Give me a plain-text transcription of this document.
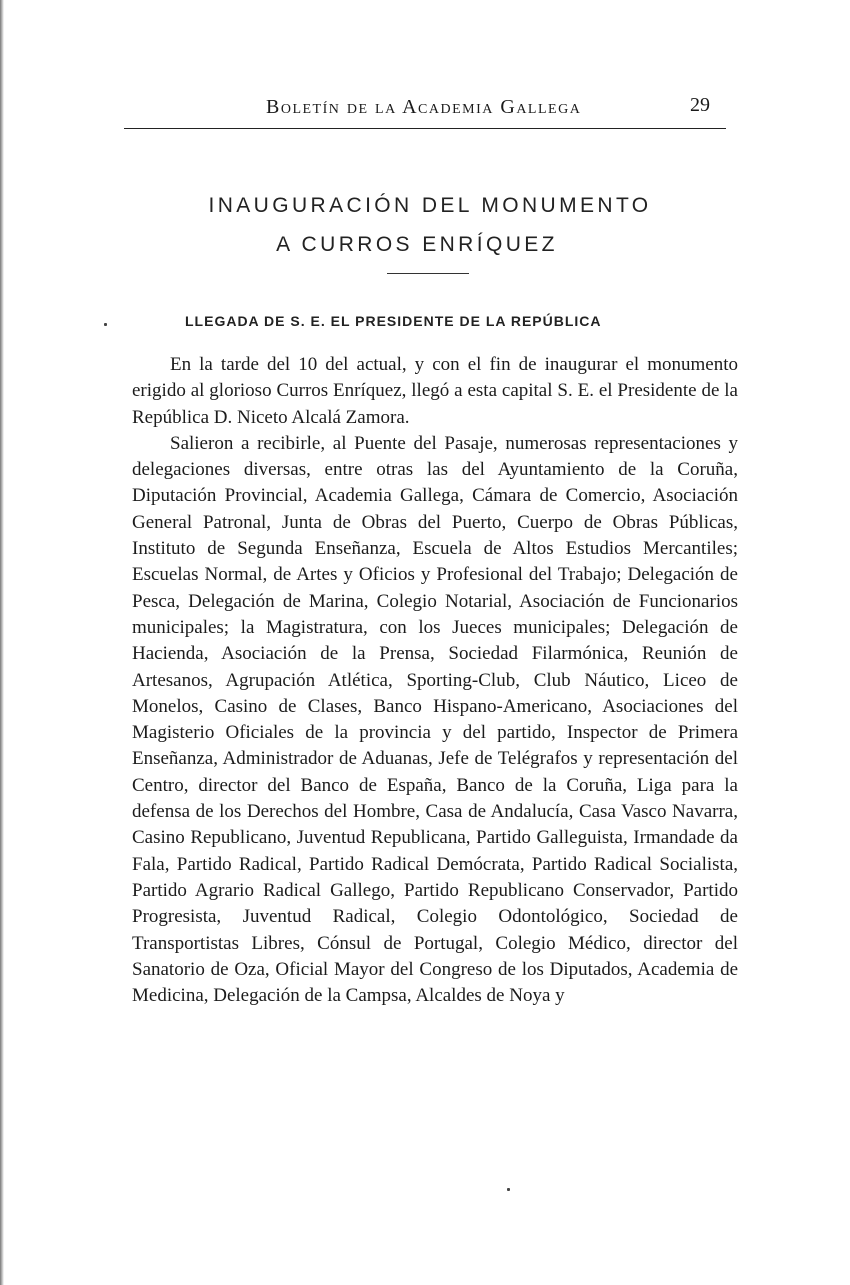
Boletín de la Academia Gallega	29
INAUGURACIÓN DEL MONUMENTO
A CURROS ENRÍQUEZ
LLEGADA DE S. E. EL PRESIDENTE DE LA REPÚBLICA

En la tarde del 10 del actual, y con el fin de inaugurar el monumento erigido al glorioso Curros Enríquez, llegó a esta capital S. E. el Presidente de la República D. Niceto Alcalá Zamora.

Salieron a recibirle, al Puente del Pasaje, numerosas representaciones y delegaciones diversas, entre otras las del Ayuntamiento de la Coruña, Diputación Provincial, Academia Gallega, Cámara de Comercio, Asociación General Patronal, Junta de Obras del Puerto, Cuerpo de Obras Públicas, Instituto de Segunda Enseñanza, Escuela de Altos Estudios Mercantiles; Escuelas Normal, de Artes y Oficios y Profesional del Trabajo; Delegación de Pesca, Delegación de Marina, Colegio Notarial, Asociación de Funcionarios municipales; la Magistratura, con los Jueces municipales; Delegación de Hacienda, Asociación de la Prensa, Sociedad Filarmónica, Reunión de Artesanos, Agrupación Atlética, Sporting-Club, Club Náutico, Liceo de Monelos, Casino de Clases, Banco Hispano-Americano, Asociaciones del Magisterio Oficiales de la provincia y del partido, Inspector de Primera Enseñanza, Administrador de Aduanas, Jefe de Telégrafos y representación del Centro, director del Banco de España, Banco de la Coruña, Liga para la defensa de los Derechos del Hombre, Casa de Andalucía, Casa Vasco Navarra, Casino Republicano, Juventud Republicana, Partido Galleguista, Irmandade da Fala, Partido Radical, Partido Radical Demócrata, Partido Radical Socialista, Partido Agrario Radical Gallego, Partido Republicano Conservador, Partido Progresista, Juventud Radical, Colegio Odontológico, Sociedad de Transportistas Libres, Cónsul de Portugal, Colegio Médico, director del Sanatorio de Oza, Oficial Mayor del Congreso de los Diputados, Academia de Medicina, Delegación de la Campsa, Alcaldes de Noya y
